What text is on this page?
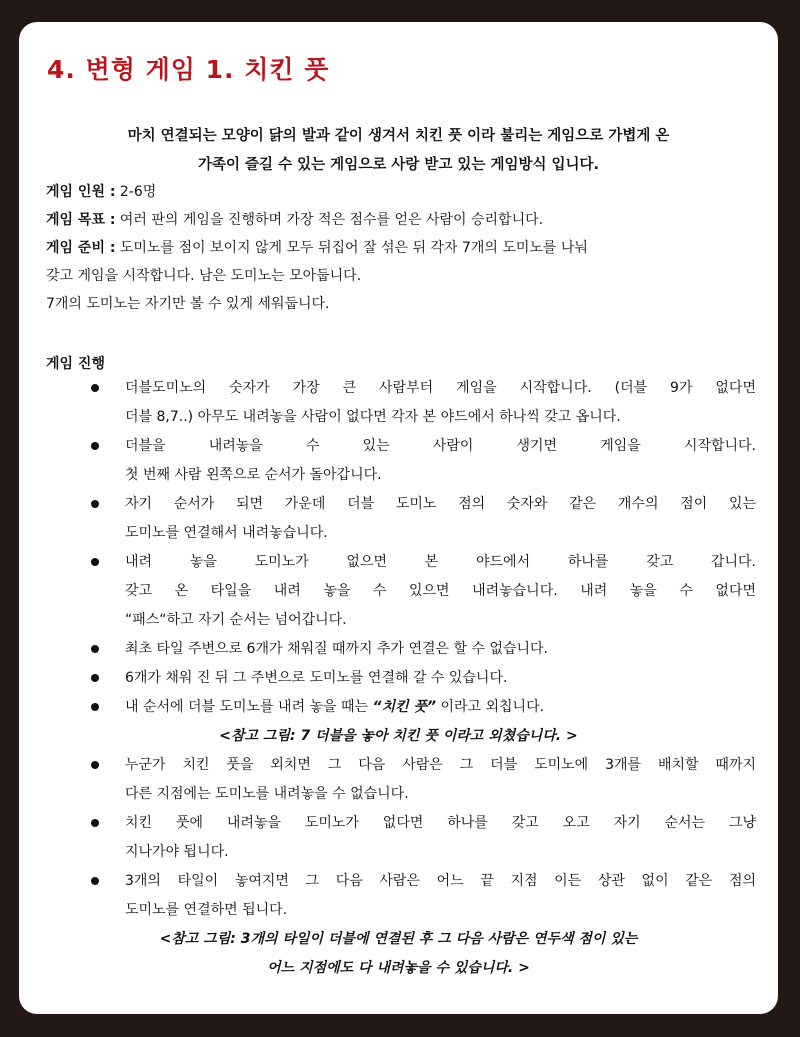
4. 변형 게임 1. 치킨 풋
마치 연결되는 모양이 닭의 발과 같이 생겨서 치킨 풋 이라 불리는 게임으로 가볍게 온
가족이 즐길 수 있는 게임으로 사랑 받고 있는 게임방식 입니다.
게임 인원 : 2-6명
게임 목표 : 여러 판의 게임을 진행하며 가장 적은 점수를 얻은 사람이 승리합니다.
게임 준비 : 도미노를 점이 보이지 않게 모두 뒤집어 잘 섞은 뒤 각자 7개의 도미노를 나눠
갖고 게임을 시작합니다. 남은 도미노는 모아둡니다.
7개의 도미노는 자기만 볼 수 있게 세워둡니다.
게임 진행
더블도미노의 숫자가 가장 큰 사람부터 게임을 시작합니다. (더블 9가 없다면
더블 8,7..) 아무도 내려놓을 사람이 없다면 각자 본 야드에서 하나씩 갖고 옵니다.
더블을 내려놓을 수 있는 사람이 생기면 게임을 시작합니다.
첫 번째 사람 왼쪽으로 순서가 돌아갑니다.
자기 순서가 되면 가운데 더블 도미노 점의 숫자와 같은 개수의 점이 있는
도미노를 연결해서 내려놓습니다.
내려 놓을 도미노가 없으면 본 야드에서 하나를 갖고 갑니다.
갖고 온 타일을 내려 놓을 수 있으면 내려놓습니다. 내려 놓을 수 없다면
“패스“하고 자기 순서는 넘어갑니다.
최초 타일 주변으로 6개가 채워질 때까지 추가 연결은 할 수 없습니다.
6개가 채워 진 뒤 그 주변으로 도미노를 연결해 갈 수 있습니다.
내 순서에 더블 도미노를 내려 놓을 때는 “치킨 풋” 이라고 외칩니다.
<참고 그림: 7 더블을 놓아 치킨 풋 이라고 외쳤습니다. >
누군가 치킨 풋을 외치면 그 다음 사람은 그 더블 도미노에 3개를 배치할 때까지
다른 지점에는 도미노를 내려놓을 수 없습니다.
치킨 풋에 내려놓을 도미노가 없다면 하나를 갖고 오고 자기 순서는 그냥
지나가야 됩니다.
3개의 타일이 놓여지면 그 다음 사람은 어느 끝 지점 이든 상관 없이 같은 점의
도미노를 연결하면 됩니다.
<참고 그림: 3개의 타일이 더블에 연결된 후 그 다음 사람은 연두색 점이 있는
어느 지점에도 다 내려놓을 수 있습니다. >
